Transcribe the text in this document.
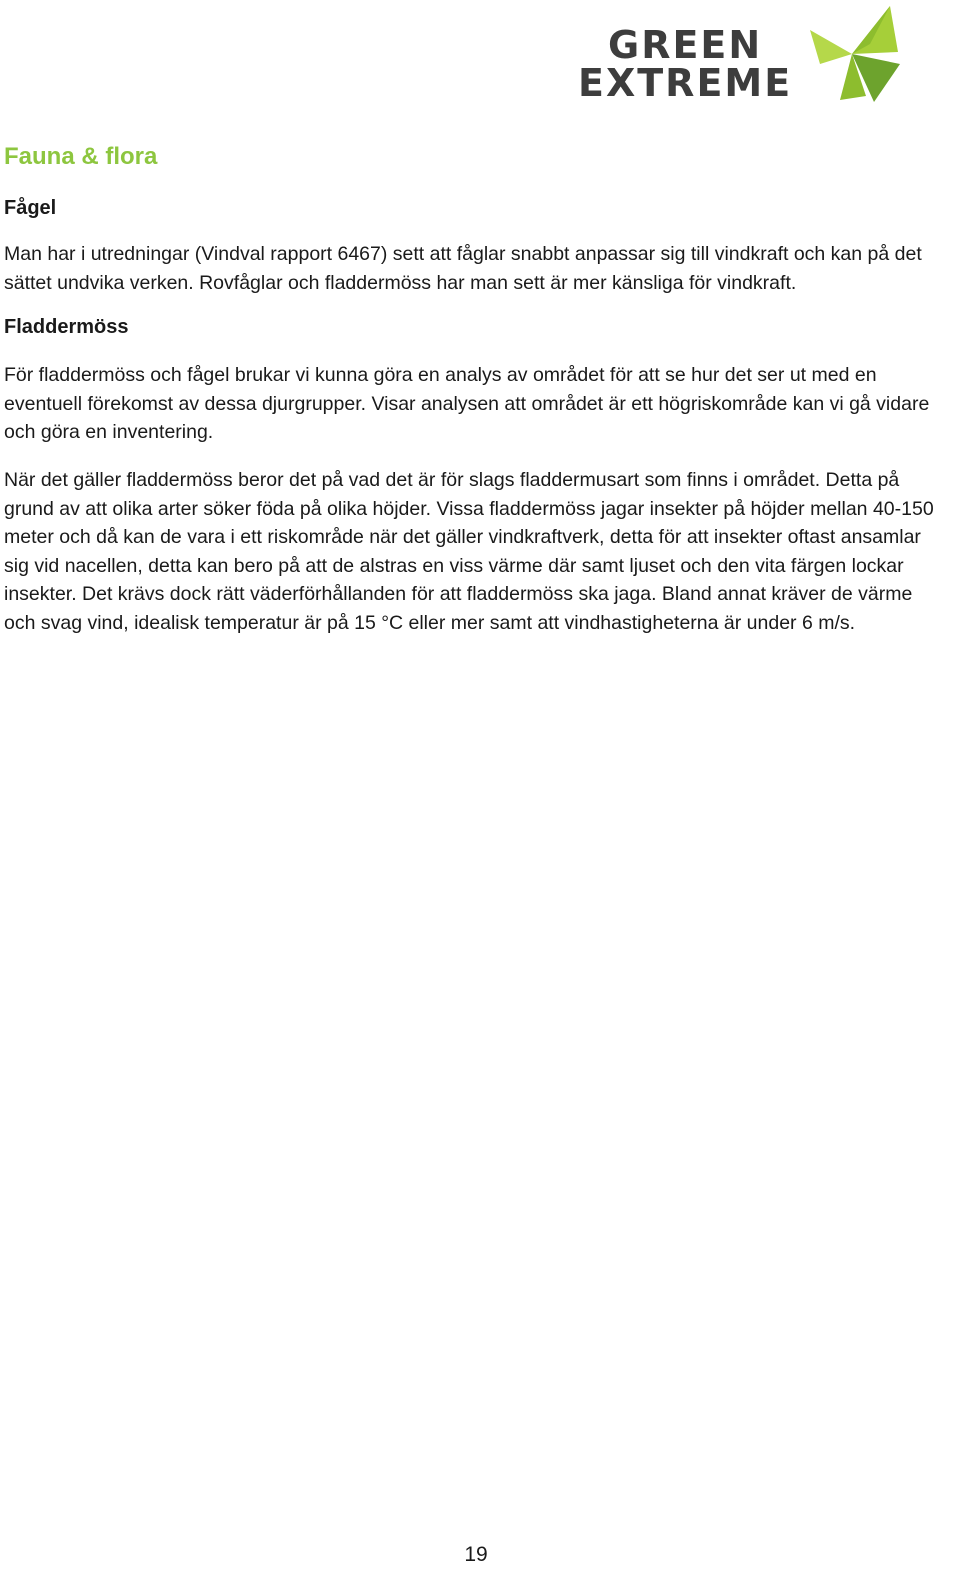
GREEN
EXTREME
Fauna & flora
Fågel

Man har i utredningar (Vindval rapport 6467) sett att fåglar snabbt anpassar sig till vindkraft och kan på det sättet undvika verken. Rovfåglar och fladdermöss har man sett är mer känsliga för vindkraft.

Fladdermöss

För fladdermöss och fågel brukar vi kunna göra en analys av området för att se hur det ser ut med en eventuell förekomst av dessa djurgrupper. Visar analysen att området är ett högriskområde kan vi gå vidare och göra en inventering.

När det gäller fladdermöss beror det på vad det är för slags fladdermusart som finns i området. Detta på grund av att olika arter söker föda på olika höjder. Vissa fladdermöss jagar insekter på höjder mellan 40-150 meter och då kan de vara i ett riskområde när det gäller vindkraftverk, detta för att insekter oftast ansamlar sig vid nacellen, detta kan bero på att de alstras en viss värme där samt ljuset och den vita färgen lockar insekter. Det krävs dock rätt väderförhållanden för att fladdermöss ska jaga. Bland annat kräver de värme och svag vind, idealisk temperatur är på 15 °C eller mer samt att vindhastigheterna är under 6 m/s.

19
